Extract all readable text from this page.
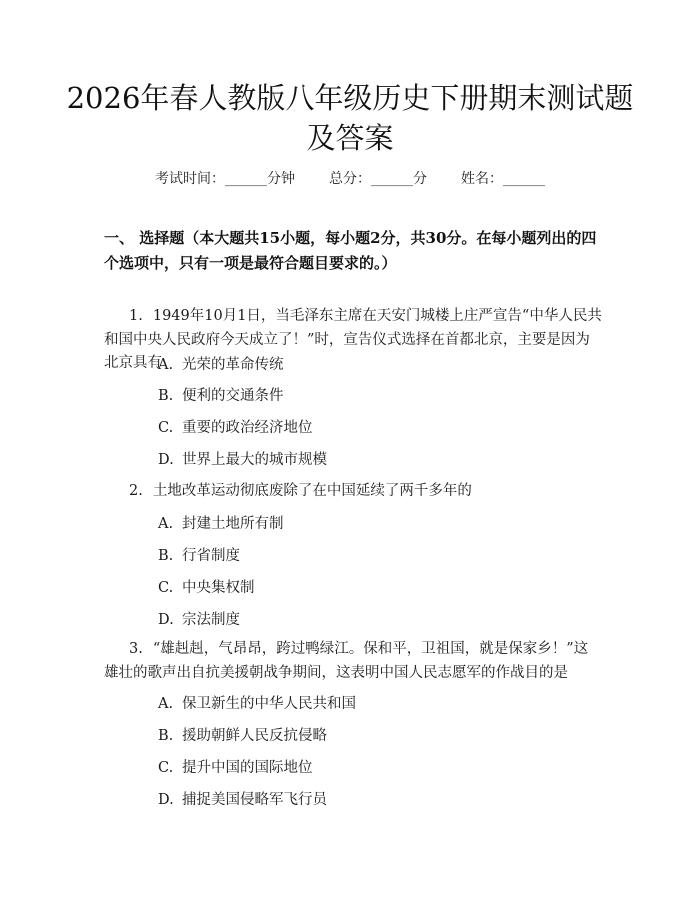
2026年春人教版八年级历史下册期末测试题
及答案
考试时间：______分钟 总分：______分 姓名：______
一、 选择题（本大题共15小题，每小题2分，共30分。在每小题列出的四个选项中，只有一项是最符合题目要求的。）
1. 1949年10月1日，当毛泽东主席在天安门城楼上庄严宣告“中华人民共和国中央人民政府今天成立了！”时，宣告仪式选择在首都北京，主要是因为北京具有
A. 光荣的革命传统
B. 便利的交通条件
C. 重要的政治经济地位
D. 世界上最大的城市规模
2. 土地改革运动彻底废除了在中国延续了两千多年的
A. 封建土地所有制
B. 行省制度
C. 中央集权制
D. 宗法制度
3. “雄赳赳，气昂昂，跨过鸭绿江。保和平，卫祖国，就是保家乡！”这雄壮的歌声出自抗美援朝战争期间，这表明中国人民志愿军的作战目的是
A. 保卫新生的中华人民共和国
B. 援助朝鲜人民反抗侵略
C. 提升中国的国际地位
D. 捕捉美国侵略军飞行员
